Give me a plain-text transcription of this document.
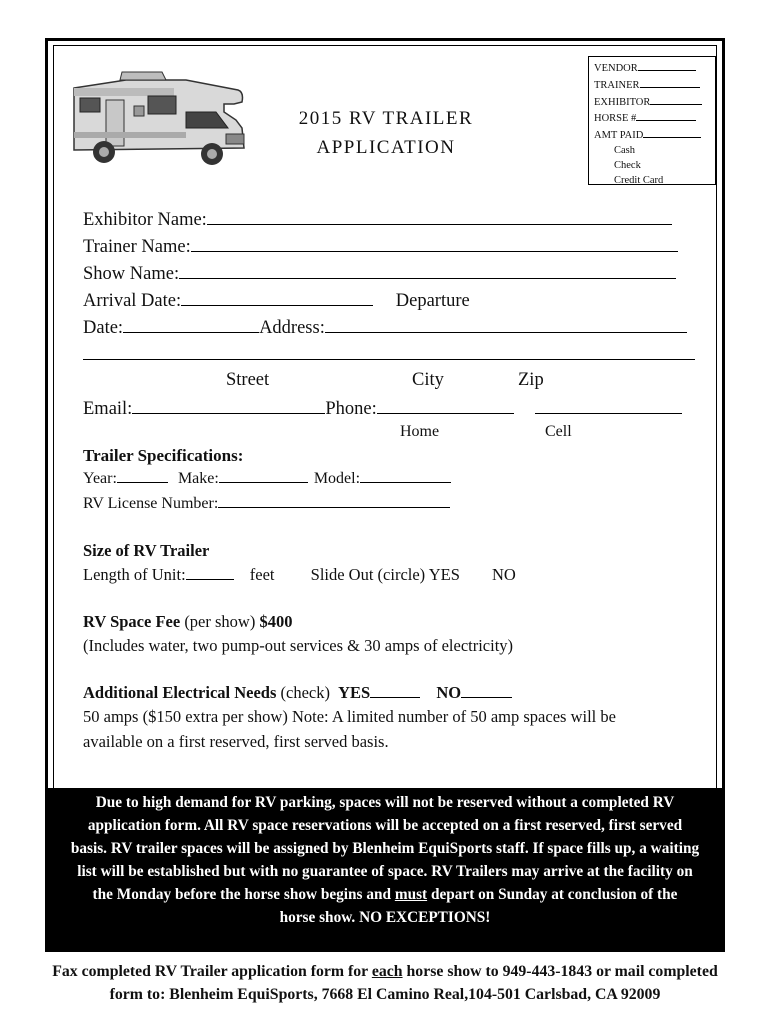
2015 RV TRAILER
APPLICATION
VENDOR
TRAINER
EXHIBITOR
HORSE #
AMT PAID
Cash
Check
Credit Card
Exhibitor Name:
Trainer Name:
Show Name:
Arrival Date:	Departure
Date:	Address:
Street	City	Zip
Email:	Phone:
Home	Cell
Trailer Specifications:
Year:	Make:	Model:
RV License Number:
Size of RV Trailer
Length of Unit:	feet Slide Out (circle) YES NO
RV Space Fee (per show) $400
(Includes water, two pump-out services & 30 amps of electricity)
Additional Electrical Needs (check) YES	NO
50 amps ($150 extra per show) Note: A limited number of 50 amp spaces will be
available on a first reserved, first served basis.

Due to high demand for RV parking, spaces will not be reserved without a completed RV

application form. All RV space reservations will be accepted on a first reserved, first served

basis. RV trailer spaces will be assigned by Blenheim EquiSports staff. If space fills up, a waiting

list will be established but with no guarantee of space. RV Trailers may arrive at the facility on

the Monday before the horse show begins and must depart on Sunday at conclusion of the

horse show. NO EXCEPTIONS!

Fax completed RV Trailer application form for each horse show to 949-443-1843 or mail completed
form to: Blenheim EquiSports, 7668 El Camino Real,104-501 Carlsbad, CA 92009
